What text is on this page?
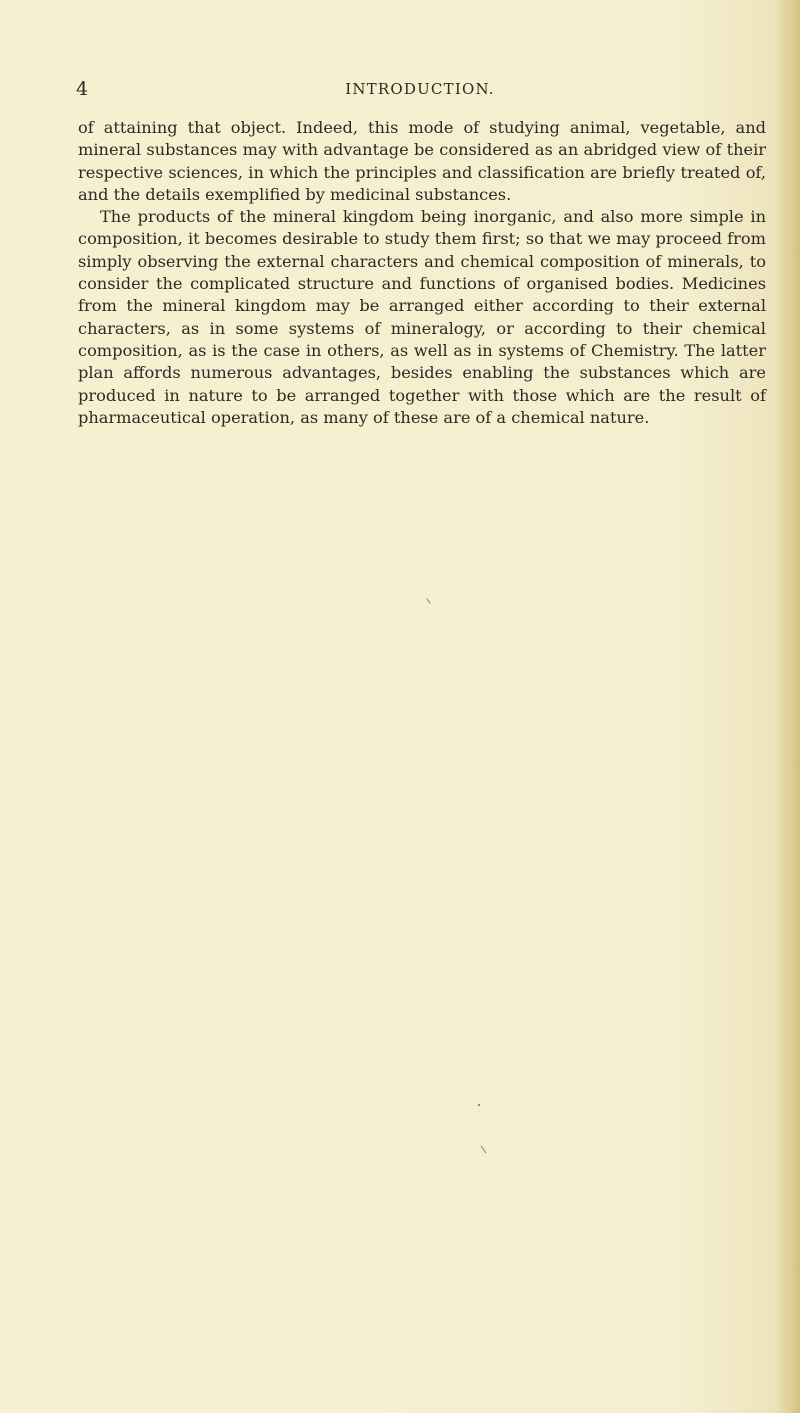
4	INTRODUCTION.

of attaining that object. Indeed, this mode of studying animal, vegetable, and mineral substances may with advantage be considered as an abridged view of their respective sciences, in which the principles and classification are briefly treated of, and the details exemplified by medicinal substances.

The products of the mineral kingdom being inorganic, and also more simple in composition, it becomes desirable to study them first; so that we may proceed from simply observing the external characters and chemical composition of minerals, to consider the complicated structure and functions of organised bodies. Medicines from the mineral kingdom may be arranged either according to their external characters, as in some systems of mineralogy, or according to their chemical composition, as is the case in others, as well as in systems of Chemistry. The latter plan affords numerous advantages, besides enabling the substances which are produced in nature to be arranged together with those which are the result of pharmaceutical operation, as many of these are of a chemical nature.
